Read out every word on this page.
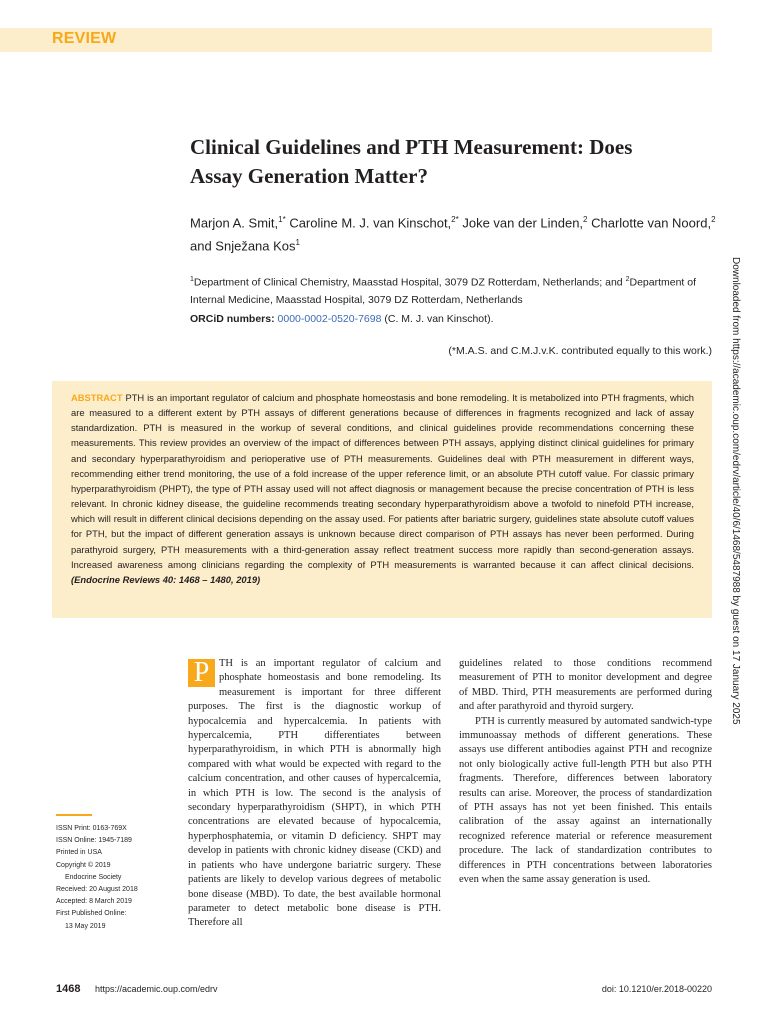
REVIEW
Clinical Guidelines and PTH Measurement: Does
Assay Generation Matter?
Marjon A. Smit,$^{1*}$ Caroline M. J. van Kinschot,$^{2*}$ Joke van der Linden,$^2$ Charlotte van Noord,$^2$
and Snježana Kos$^1$
$^1$Department of Clinical Chemistry, Maasstad Hospital, 3079 DZ Rotterdam, Netherlands; and $^2$Department of Internal Medicine, Maasstad Hospital, 3079 DZ Rotterdam, Netherlands
ORCiD numbers: 0000-0002-0520-7698 (C. M. J. van Kinschot).
(*M.A.S. and C.M.J.v.K. contributed equally to this work.)
ABSTRACT PTH is an important regulator of calcium and phosphate homeostasis and bone remodeling. It is metabolized into PTH fragments, which are measured to a different extent by PTH assays of different generations because of differences in fragments recognized and lack of assay standardization. PTH is measured in the workup of several conditions, and clinical guidelines provide recommendations concerning these measurements. This review provides an overview of the impact of differences between PTH assays, applying distinct clinical guidelines for primary and secondary hyperparathyroidism and perioperative use of PTH measurements. Guidelines deal with PTH measurement in different ways, recommending either trend monitoring, the use of a fold increase of the upper reference limit, or an absolute PTH cutoff value. For classic primary hyperparathyroidism (PHPT), the type of PTH assay used will not affect diagnosis or management because the precise concentration of PTH is less relevant. In chronic kidney disease, the guideline recommends treating secondary hyperparathyroidism above a twofold to ninefold PTH increase, which will result in different clinical decisions depending on the assay used. For patients after bariatric surgery, guidelines state absolute cutoff values for PTH, but the impact of different generation assays is unknown because direct comparison of PTH assays has never been performed. During parathyroid surgery, PTH measurements with a third-generation assay reflect treatment success more rapidly than second-generation assays. Increased awareness among clinicians regarding the complexity of PTH measurements is warranted because it can affect clinical decisions. (Endocrine Reviews 40: 1468 – 1480, 2019)
ISSN Print: 0163-769X
ISSN Online: 1945-7189
Printed in USA
Copyright © 2019
Endocrine Society
Received: 20 August 2018
Accepted: 8 March 2019
First Published Online:
13 May 2019

P TH is an important regulator of calcium and phosphate homeostasis and bone remodeling. Its measurement is important for three different purposes. The first is the diagnostic workup of hypocalcemia and hypercalcemia. In patients with hypercalcemia, PTH differentiates between hyperparathyroidism, in which PTH is abnormally high compared with what would be expected with regard to the calcium concentration, and other causes of hypercalcemia, in which PTH is low. The second is the analysis of secondary hyperparathyroidism (SHPT), in which PTH concentrations are elevated because of hypocalcemia, hyperphosphatemia, or vitamin D deficiency. SHPT may develop in patients with chronic kidney disease (CKD) and in patients who have undergone bariatric surgery. These patients are likely to develop various degrees of metabolic bone disease (MBD). To date, the best available hormonal parameter to detect metabolic bone disease is PTH. Therefore all

guidelines related to those conditions recommend measurement of PTH to monitor development and degree of MBD. Third, PTH measurements are performed during and after parathyroid and thyroid surgery.

PTH is currently measured by automated sandwich-type immunoassay methods of different generations. These assays use different antibodies against PTH and recognize not only biologically active full-length PTH but also PTH fragments. Therefore, differences between laboratory results can arise. Moreover, the process of standardization of PTH assays has not yet been finished. This entails calibration of the assay against an internationally recognized reference material or reference measurement procedure. The lack of standardization contributes to differences in PTH concentrations between laboratories even when the same assay generation is used.

Downloaded from https://academic.oup.com/edrv/article/40/6/1468/5487988 by guest on 17 January 2025
1468 https://academic.oup.com/edrv	doi: 10.1210/er.2018-00220
